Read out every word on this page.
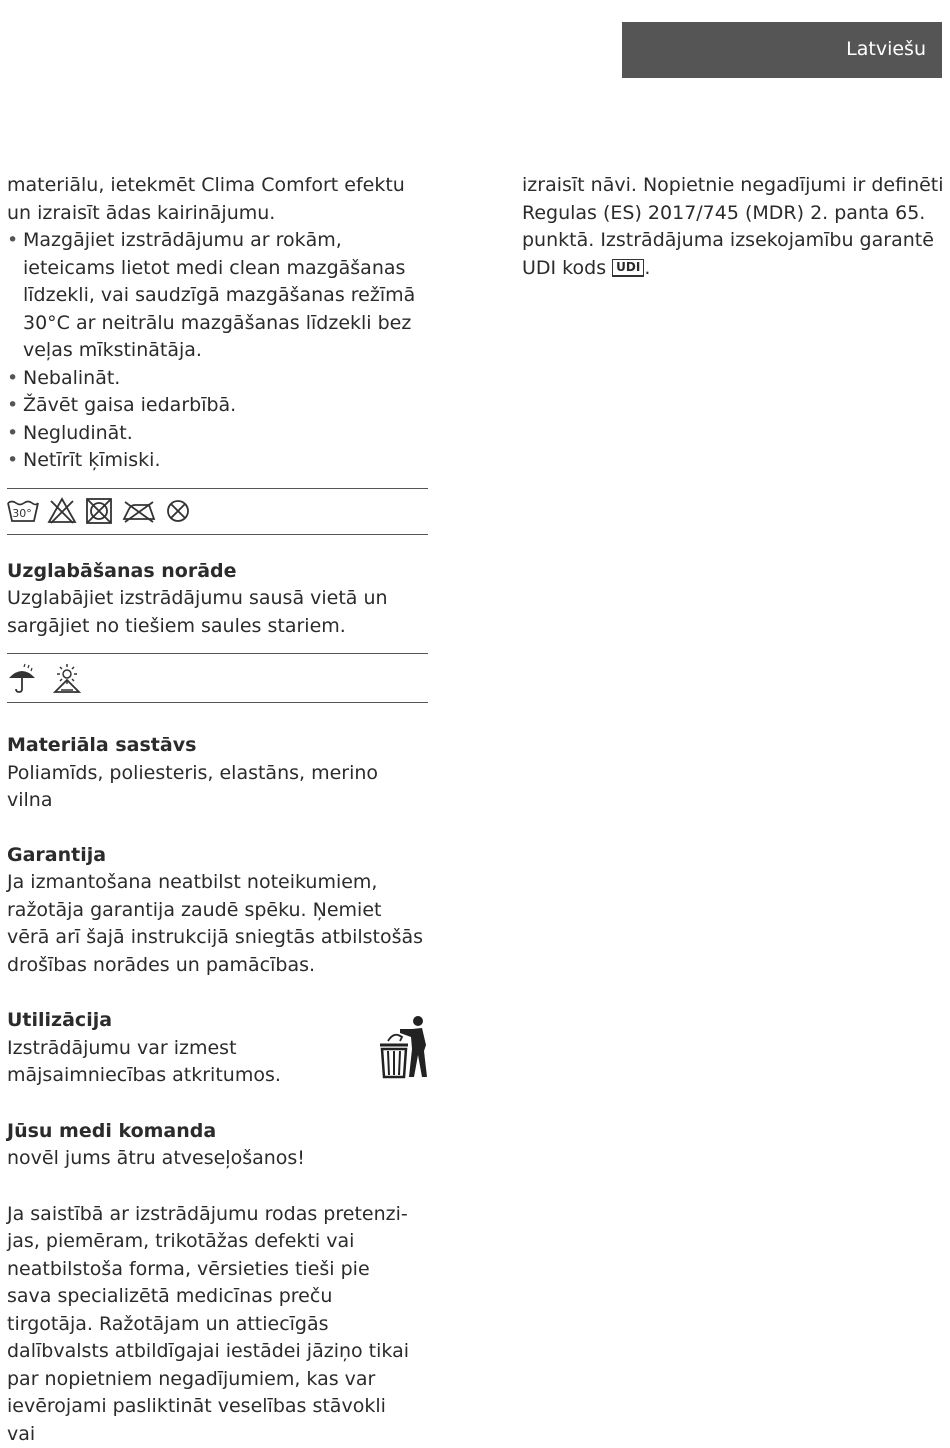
Latviešu

materiālu, ietekmēt Clima Comfort efektu un izraisīt ādas kairinājumu.

• Mazgājiet izstrādājumu ar rokām, ieteicams lietot medi clean mazgāšanas līdzekli, vai saudzīgā mazgāšanas režīmā 30°C ar neitrālu mazgāšanas līdzekli bez veļas mīkstinātāja.
• Nebalināt.
• Žāvēt gaisa iedarbībā.
• Negludināt.
• Netīrīt ķīmiski.
30°

Uzglabāšanas norāde

Uzglabājiet izstrādājumu sausā vietā un sargājiet no tiešiem saules stariem.

Materiāla sastāvs

Poliamīds, poliesteris, elastāns, merino vilna

Garantija

Ja izmantošana neatbilst noteikumiem, ražotāja garantija zaudē spēku. Ņemiet vērā arī šajā instrukcijā sniegtās atbilstošās drošības norādes un pamācības.

Utilizācija

Izstrādājumu var izmest mājsaimniecības atkritumos.

Jūsu medi komanda

novēl jums ātru atveseļošanos!

Ja saistībā ar izstrādājumu rodas pretenzi-jas, piemēram, trikotāžas defekti vai neatbilstoša forma, vērsieties tieši pie sava specializētā medicīnas preču tirgotāja. Ražotājam un attiecīgās dalībvalsts atbildīgajai iestādei jāziņo tikai par nopietniem negadījumiem, kas var ievērojami pasliktināt veselības stāvokli vai

izraisīt nāvi. Nopietnie negadījumi ir definēti Regulas (ES) 2017/745 (MDR) 2. panta 65. punktā. Izstrādājuma izsekojamību garantē UDI kods UDI .
